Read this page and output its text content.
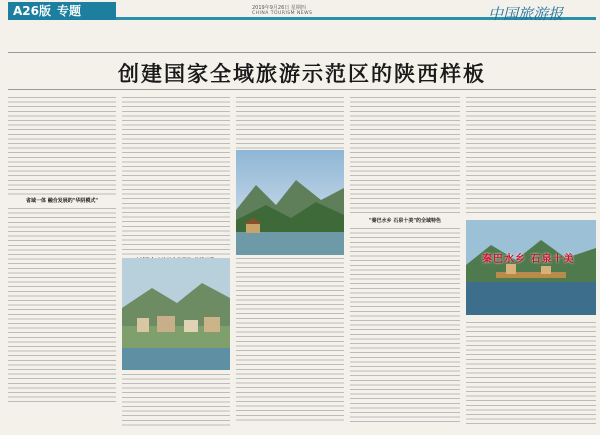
A26版 专题	2019年9月26日 星期四
CHINA TOURISM NEWS	中国旅游报
创建国家全域旅游示范区的陕西样板
省域一体 融合发展的"华阴模式"
"秦巴水乡 石泉十美"的全域特色
秦巴水乡 石泉十美
